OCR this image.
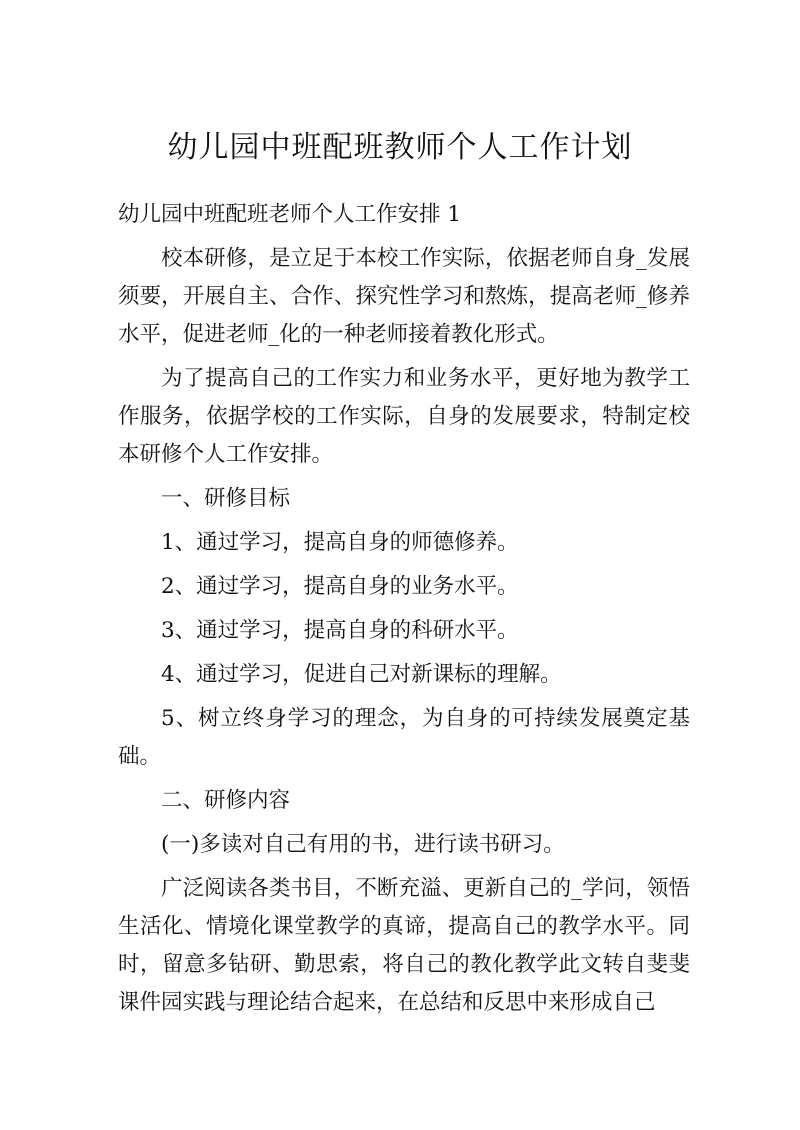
幼儿园中班配班教师个人工作计划

幼儿园中班配班老师个人工作安排 1

校本研修，是立足于本校工作实际，依据老师自身_发展须要，开展自主、合作、探究性学习和熬炼，提高老师_修养水平，促进老师_化的一种老师接着教化形式。

为了提高自己的工作实力和业务水平，更好地为教学工作服务，依据学校的工作实际，自身的发展要求，特制定校本研修个人工作安排。

一、研修目标

1、通过学习，提高自身的师德修养。

2、通过学习，提高自身的业务水平。

3、通过学习，提高自身的科研水平。

4、通过学习，促进自己对新课标的理解。

5、树立终身学习的理念，为自身的可持续发展奠定基础。

二、研修内容

(一)多读对自己有用的书，进行读书研习。

广泛阅读各类书目，不断充溢、更新自己的_学问，领悟生活化、情境化课堂教学的真谛，提高自己的教学水平。同时，留意多钻研、勤思索，将自己的教化教学此文转自斐斐课件园实践与理论结合起来，在总结和反思中来形成自己
